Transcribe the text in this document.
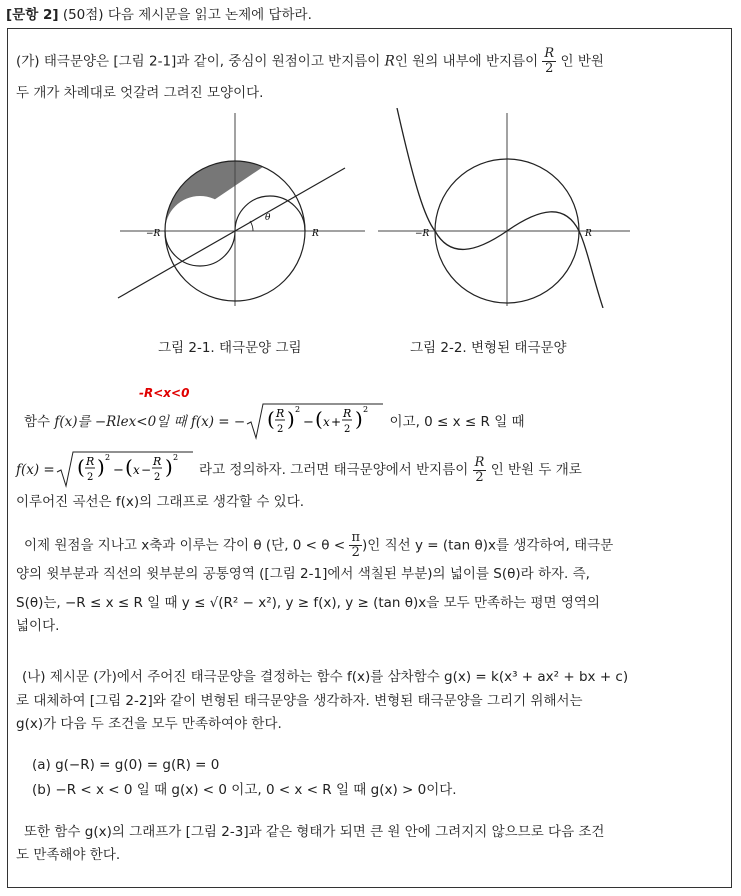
[문항 2] (50점) 다음 제시문을 읽고 논제에 답하라.
(가) 태극문양은 [그림 2-1]과 같이, 중심이 원점이고 반지름이 R인 원의 내부에 반지름이 $\frac{R}{2}$ 인 반원
두 개가 차례대로 엇갈려 그려진 모양이다.
θ
−R	R	−R	R
그림 2-1. 태극문양 그림	그림 2-2. 변형된 태극문양
-R<x<0
함수 f(x)를 −Rlex<0일 때 f(x) = − ( R
2 ) 2
− ( x +
R
2 ) 2
이고, 0 ≤ x ≤ R 일 때
f(x) = ( R
2 ) 2
− ( x −
R
2 ) 2
라고 정의하자. 그러면 태극문양에서 반지름이 $\frac{R}{2}$ 인 반원 두 개로
이루어진 곡선은 f(x)의 그래프로 생각할 수 있다.
이제 원점을 지나고 x축과 이루는 각이 θ (단, $0 < \theta < \frac{\pi}{2}$ )인 직선 y = (tan θ)x를 생각하여, 태극문
양의 윗부분과 직선의 윗부분의 공통영역 ([그림 2-1]에서 색칠된 부분)의 넓이를 S(θ)라 하자. 즉,
S(θ)는, −R ≤ x ≤ R 일 때 y ≤ √(R² − x²), y ≥ f(x), y ≥ (tan θ)x을 모두 만족하는 평면 영역의
넓이다.
(나) 제시문 (가)에서 주어진 태극문양을 결정하는 함수 f(x)를 삼차함수 g(x) = k(x³ + ax² + bx + c)
로 대체하여 [그림 2-2]와 같이 변형된 태극문양을 생각하자. 변형된 태극문양을 그리기 위해서는
g(x)가 다음 두 조건을 모두 만족하여야 한다.
(a) g(−R) = g(0) = g(R) = 0
(b) −R < x < 0 일 때 g(x) < 0 이고, 0 < x < R 일 때 g(x) > 0이다.
또한 함수 g(x)의 그래프가 [그림 2-3]과 같은 형태가 되면 큰 원 안에 그려지지 않으므로 다음 조건
도 만족해야 한다.
